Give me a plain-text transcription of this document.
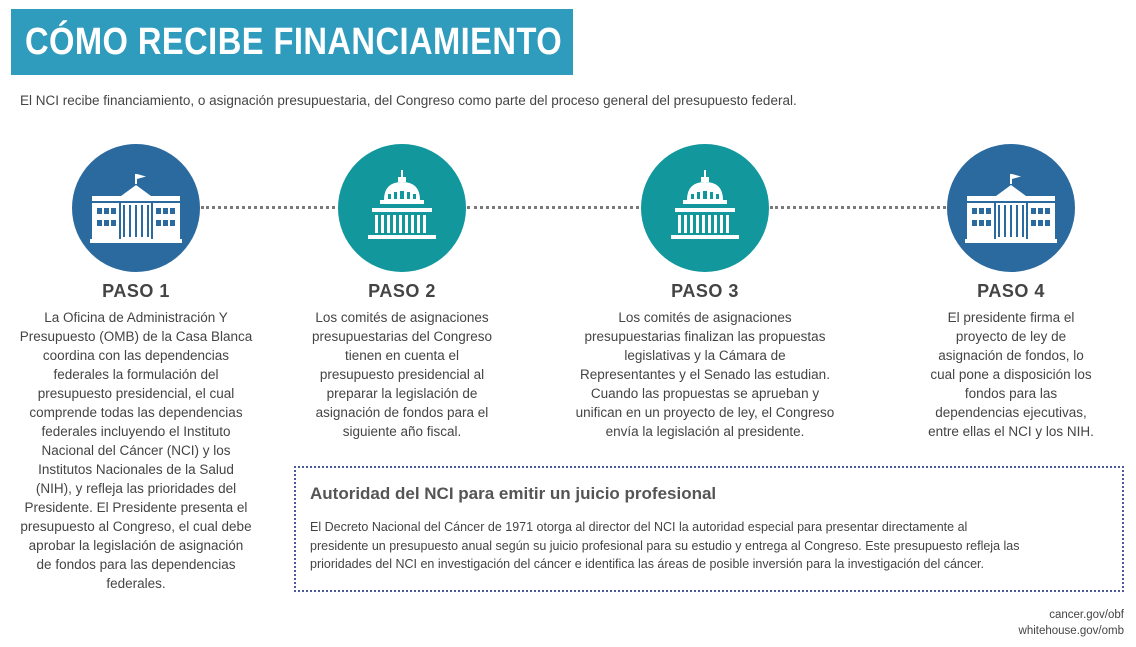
CÓMO RECIBE FINANCIAMIENTO EL NCI
El NCI recibe financiamiento, o asignación presupuestaria, del Congreso como parte del proceso general del presupuesto federal.
PASO 1
La Oficina de Administración Y
Presupuesto (OMB) de la Casa Blanca
coordina con las dependencias
federales la formulación del
presupuesto presidencial, el cual
comprende todas las dependencias
federales incluyendo el Instituto
Nacional del Cáncer (NCI) y los
Institutos Nacionales de la Salud
(NIH), y refleja las prioridades del
Presidente. El Presidente presenta el
presupuesto al Congreso, el cual debe
aprobar la legislación de asignación
de fondos para las dependencias
federales.
PASO 2
Los comités de asignaciones
presupuestarias del Congreso
tienen en cuenta el
presupuesto presidencial al
preparar la legislación de
asignación de fondos para el
siguiente año fiscal.
PASO 3
Los comités de asignaciones
presupuestarias finalizan las propuestas
legislativas y la Cámara de
Representantes y el Senado las estudian.
Cuando las propuestas se aprueban y
unifican en un proyecto de ley, el Congreso
envía la legislación al presidente.
PASO 4
El presidente firma el
proyecto de ley de
asignación de fondos, lo
cual pone a disposición los
fondos para las
dependencias ejecutivas,
entre ellas el NCI y los NIH.
Autoridad del NCI para emitir un juicio profesional
El Decreto Nacional del Cáncer de 1971 otorga al director del NCI la autoridad especial para presentar directamente al
presidente un presupuesto anual según su juicio profesional para su estudio y entrega al Congreso. Este presupuesto refleja las
prioridades del NCI en investigación del cáncer e identifica las áreas de posible inversión para la investigación del cáncer.
cancer.gov/obf
whitehouse.gov/omb
